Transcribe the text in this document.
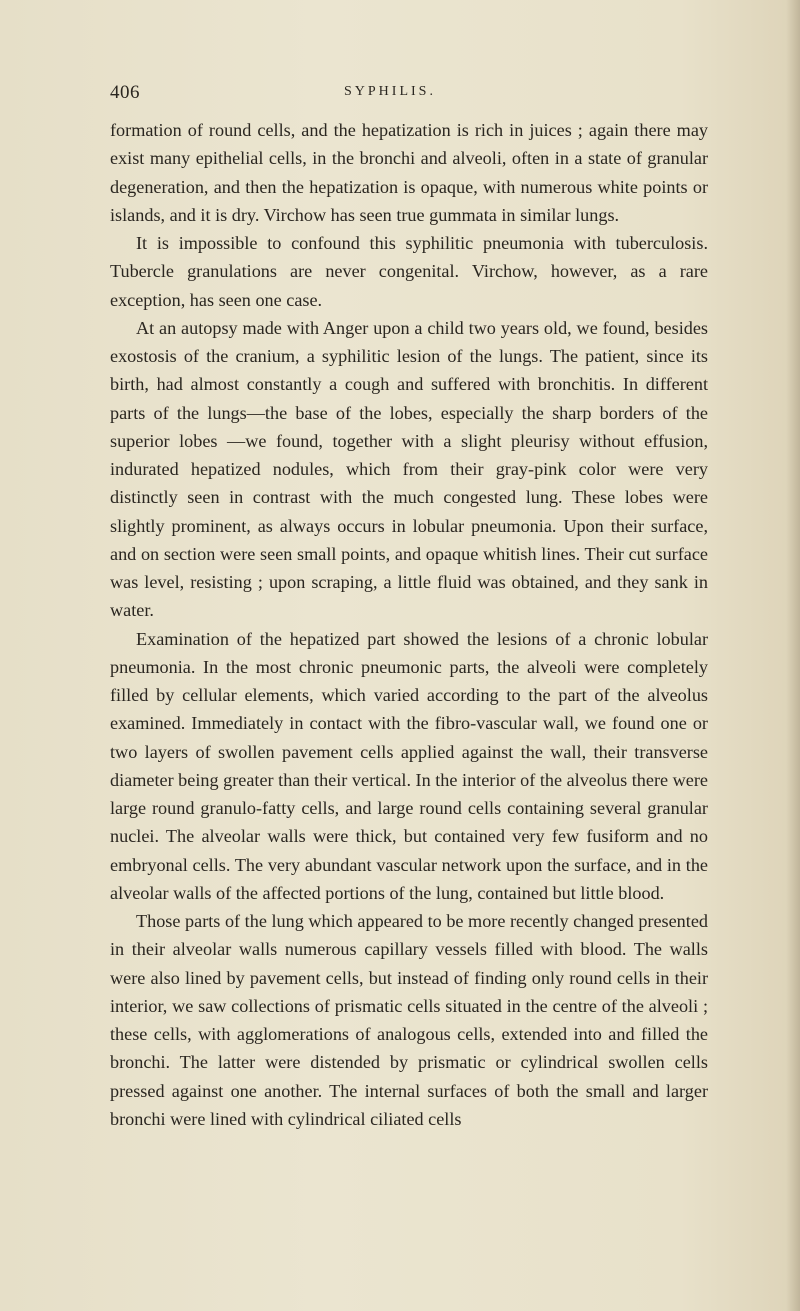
406	SYPHILIS.

formation of round cells, and the hepatization is rich in juices ; again there may exist many epithelial cells, in the bronchi and alveoli, often in a state of granular degeneration, and then the hepatization is opaque, with numerous white points or islands, and it is dry. Virchow has seen true gummata in similar lungs.

It is impossible to confound this syphilitic pneumonia with tuberculosis. Tubercle granulations are never congenital. Virchow, however, as a rare exception, has seen one case.

At an autopsy made with Anger upon a child two years old, we found, besides exostosis of the cranium, a syphilitic lesion of the lungs. The patient, since its birth, had almost constantly a cough and suffered with bronchitis. In different parts of the lungs—the base of the lobes, especially the sharp borders of the superior lobes —we found, together with a slight pleurisy without effusion, indurated hepatized nodules, which from their gray-pink color were very distinctly seen in contrast with the much congested lung. These lobes were slightly prominent, as always occurs in lobular pneumonia. Upon their surface, and on section were seen small points, and opaque whitish lines. Their cut surface was level, resisting ; upon scraping, a little fluid was obtained, and they sank in water.

Examination of the hepatized part showed the lesions of a chronic lobular pneumonia. In the most chronic pneumonic parts, the alveoli were completely filled by cellular elements, which varied according to the part of the alveolus examined. Immediately in contact with the fibro-vascular wall, we found one or two layers of swollen pavement cells applied against the wall, their transverse diameter being greater than their vertical. In the interior of the alveolus there were large round granulo-fatty cells, and large round cells containing several granular nuclei. The alveolar walls were thick, but contained very few fusiform and no embryonal cells. The very abundant vascular network upon the surface, and in the alveolar walls of the affected portions of the lung, contained but little blood.

Those parts of the lung which appeared to be more recently changed presented in their alveolar walls numerous capillary vessels filled with blood. The walls were also lined by pavement cells, but instead of finding only round cells in their interior, we saw collections of prismatic cells situated in the centre of the alveoli ; these cells, with agglomerations of analogous cells, extended into and filled the bronchi. The latter were distended by prismatic or cylindrical swollen cells pressed against one another. The internal surfaces of both the small and larger bronchi were lined with cylindrical ciliated cells
